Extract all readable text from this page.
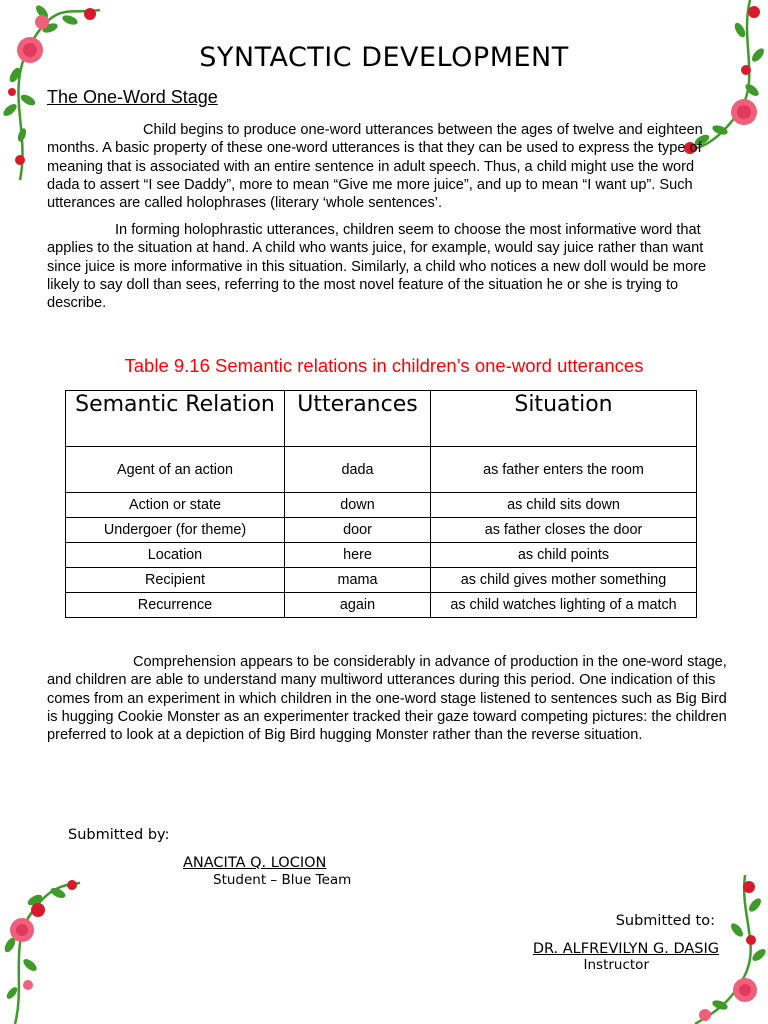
SYNTACTIC DEVELOPMENT
The One-Word Stage
Child begins to produce one-word utterances between the ages of twelve and eighteen months. A basic property of these one-word utterances is that they can be used to express the type of meaning that is associated with an entire sentence in adult speech. Thus, a child might use the word dada to assert “I see Daddy”, more to mean “Give me more juice”, and up to mean “I want up”. Such utterances are called holophrases (literary ‘whole sentences’.
In forming holophrastic utterances, children seem to choose the most informative word that applies to the situation at hand. A child who wants juice, for example, would say juice rather than want since juice is more informative in this situation. Similarly, a child who notices a new doll would be more likely to say doll than sees, referring to the most novel feature of the situation he or she is trying to describe.
Table 9.16 Semantic relations in children’s one-word utterances
Semantic Relation	Utterances	Situation
Agent of an action	dada	as father enters the room
Action or state	down	as child sits down
Undergoer (for theme)	door	as father closes the door
Location	here	as child points
Recipient	mama	as child gives mother something
Recurrence	again	as child watches lighting of a match
Comprehension appears to be considerably in advance of production in the one-word stage, and children are able to understand many multiword utterances during this period. One indication of this comes from an experiment in which children in the one-word stage listened to sentences such as Big Bird is hugging Cookie Monster as an experimenter tracked their gaze toward competing pictures: the children preferred to look at a depiction of Big Bird hugging Monster rather than the reverse situation.
Submitted by:
ANACITA Q. LOCION
Student – Blue Team
Submitted to:
DR. ALFREVILYN G. DASIG
Instructor
